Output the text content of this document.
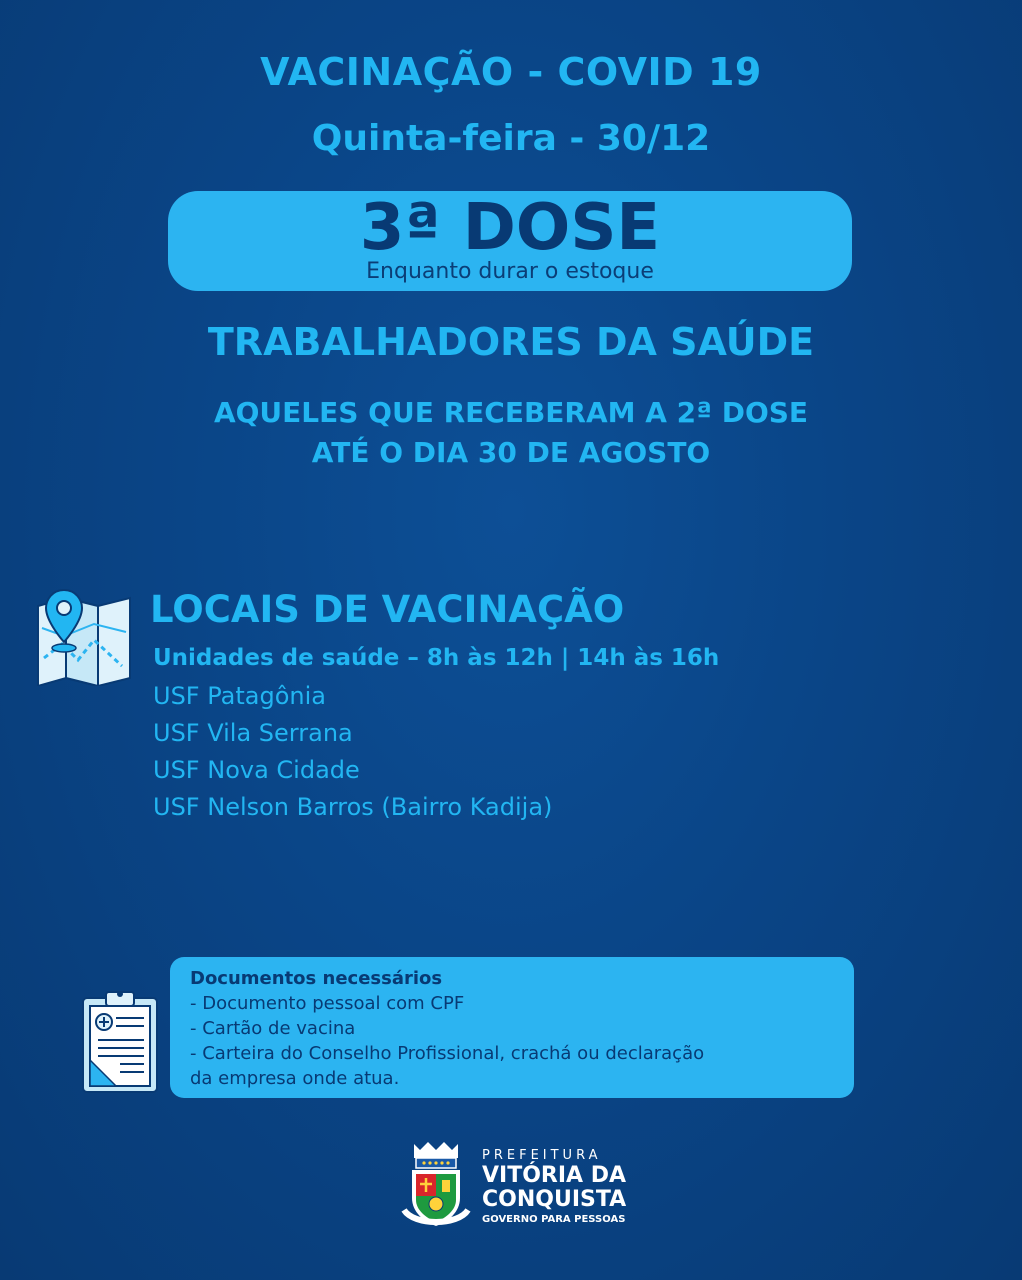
VACINAÇÃO - COVID 19
Quinta-feira - 30/12
3ª DOSE
Enquanto durar o estoque
TRABALHADORES DA SAÚDE
AQUELES QUE RECEBERAM A 2ª DOSE
ATÉ O DIA 30 DE AGOSTO
LOCAIS DE VACINAÇÃO
Unidades de saúde – 8h às 12h | 14h às 16h
USF Patagônia
USF Vila Serrana
USF Nova Cidade
USF Nelson Barros (Bairro Kadija)
Documentos necessários
- Documento pessoal com CPF
- Cartão de vacina
- Carteira do Conselho Profissional, crachá ou declaração
da empresa onde atua.
PREFEITURA
VITÓRIA DA
CONQUISTA
GOVERNO PARA PESSOAS
